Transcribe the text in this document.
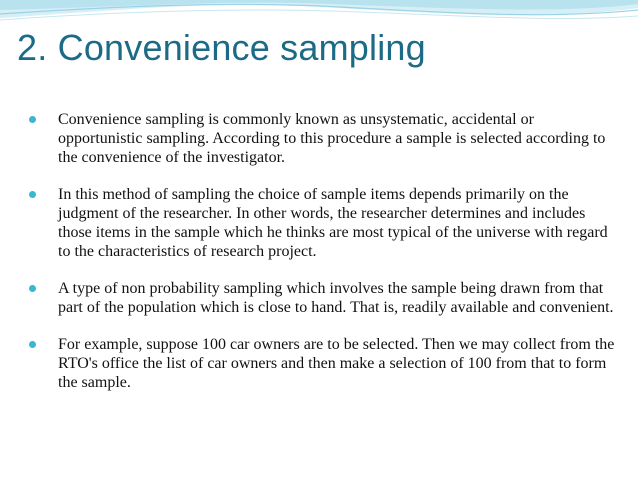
2. Convenience sampling
Convenience sampling is commonly known as unsystematic, accidental or opportunistic sampling. According to this procedure a sample is selected according to the convenience of the investigator.
In this method of sampling the choice of sample items depends primarily on the judgment of the researcher. In other words, the researcher determines and includes those items in the sample which he thinks are most typical of the universe with regard to the characteristics of research project.
A type of non probability sampling which involves the sample being drawn from that part of the population which is close to hand. That is, readily available and convenient.
For example, suppose 100 car owners are to be selected. Then we may collect from the RTO's office the list of car owners and then make a selection of 100 from that to form the sample.
